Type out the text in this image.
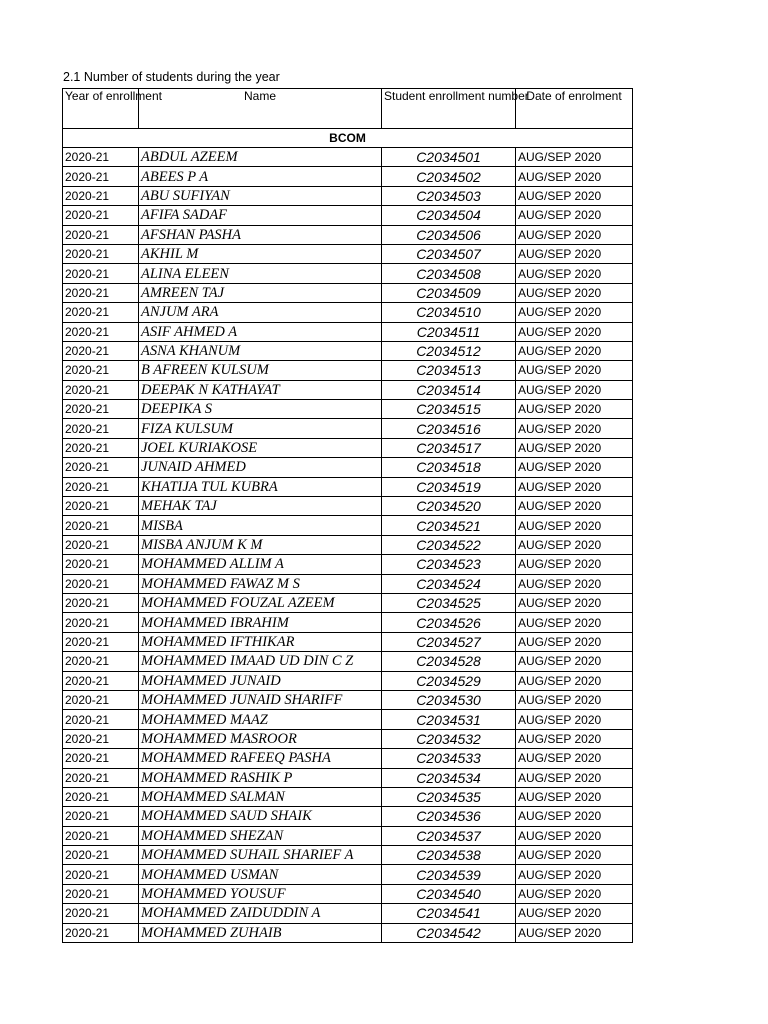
2.1 Number of students during the year
Year of enrollment	Name	Student enrollment number	Date of enrolment
BCOM			
2020-21	ABDUL AZEEM	C2034501	AUG/SEP 2020
2020-21	ABEES P A	C2034502	AUG/SEP 2020
2020-21	ABU SUFIYAN	C2034503	AUG/SEP 2020
2020-21	AFIFA SADAF	C2034504	AUG/SEP 2020
2020-21	AFSHAN PASHA	C2034506	AUG/SEP 2020
2020-21	AKHIL M	C2034507	AUG/SEP 2020
2020-21	ALINA ELEEN	C2034508	AUG/SEP 2020
2020-21	AMREEN TAJ	C2034509	AUG/SEP 2020
2020-21	ANJUM ARA	C2034510	AUG/SEP 2020
2020-21	ASIF AHMED A	C2034511	AUG/SEP 2020
2020-21	ASNA KHANUM	C2034512	AUG/SEP 2020
2020-21	B AFREEN KULSUM	C2034513	AUG/SEP 2020
2020-21	DEEPAK N KATHAYAT	C2034514	AUG/SEP 2020
2020-21	DEEPIKA S	C2034515	AUG/SEP 2020
2020-21	FIZA KULSUM	C2034516	AUG/SEP 2020
2020-21	JOEL KURIAKOSE	C2034517	AUG/SEP 2020
2020-21	JUNAID AHMED	C2034518	AUG/SEP 2020
2020-21	KHATIJA TUL KUBRA	C2034519	AUG/SEP 2020
2020-21	MEHAK TAJ	C2034520	AUG/SEP 2020
2020-21	MISBA	C2034521	AUG/SEP 2020
2020-21	MISBA ANJUM K M	C2034522	AUG/SEP 2020
2020-21	MOHAMMED ALLIM A	C2034523	AUG/SEP 2020
2020-21	MOHAMMED FAWAZ M S	C2034524	AUG/SEP 2020
2020-21	MOHAMMED FOUZAL AZEEM	C2034525	AUG/SEP 2020
2020-21	MOHAMMED IBRAHIM	C2034526	AUG/SEP 2020
2020-21	MOHAMMED IFTHIKAR	C2034527	AUG/SEP 2020
2020-21	MOHAMMED IMAAD UD DIN C Z	C2034528	AUG/SEP 2020
2020-21	MOHAMMED JUNAID	C2034529	AUG/SEP 2020
2020-21	MOHAMMED JUNAID SHARIFF	C2034530	AUG/SEP 2020
2020-21	MOHAMMED MAAZ	C2034531	AUG/SEP 2020
2020-21	MOHAMMED MASROOR	C2034532	AUG/SEP 2020
2020-21	MOHAMMED RAFEEQ PASHA	C2034533	AUG/SEP 2020
2020-21	MOHAMMED RASHIK P	C2034534	AUG/SEP 2020
2020-21	MOHAMMED SALMAN	C2034535	AUG/SEP 2020
2020-21	MOHAMMED SAUD SHAIK	C2034536	AUG/SEP 2020
2020-21	MOHAMMED SHEZAN	C2034537	AUG/SEP 2020
2020-21	MOHAMMED SUHAIL SHARIEF A	C2034538	AUG/SEP 2020
2020-21	MOHAMMED USMAN	C2034539	AUG/SEP 2020
2020-21	MOHAMMED YOUSUF	C2034540	AUG/SEP 2020
2020-21	MOHAMMED ZAIDUDDIN A	C2034541	AUG/SEP 2020
2020-21	MOHAMMED ZUHAIB	C2034542	AUG/SEP 2020
